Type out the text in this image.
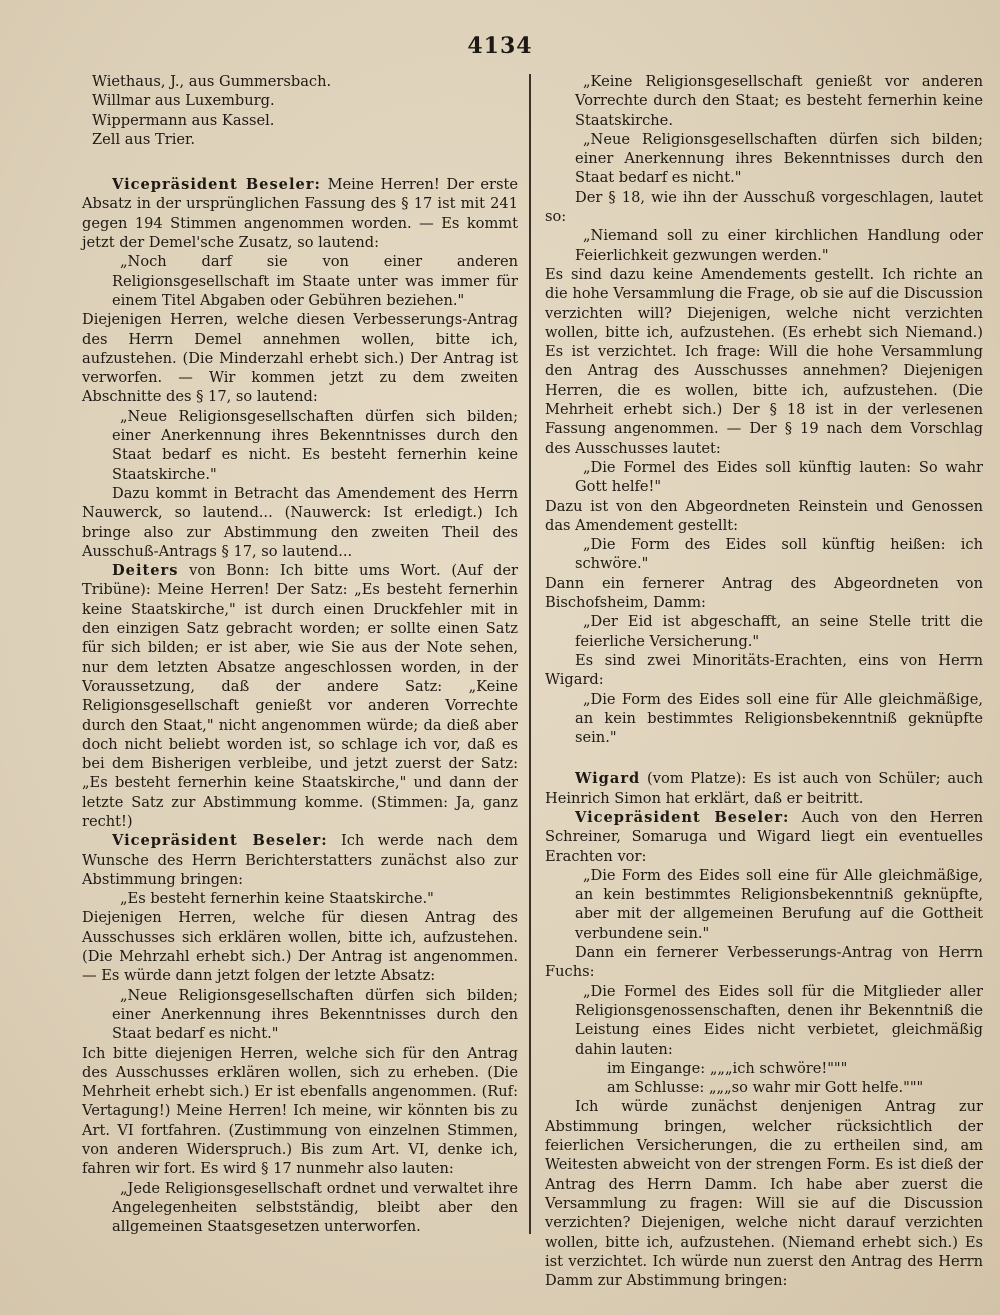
4134

Wiethaus, J., aus Gummersbach.

Willmar aus Luxemburg.

Wippermann aus Kassel.

Zell aus Trier.

Vicepräsident Beseler: Meine Herren! Der erste Absatz in der ursprünglichen Fassung des § 17 ist mit 241 gegen 194 Stimmen angenommen worden. — Es kommt jetzt der Demel'sche Zusatz, so lautend:

„Noch darf sie von einer anderen Religionsgesellschaft im Staate unter was immer für einem Titel Abgaben oder Gebühren beziehen."

Diejenigen Herren, welche diesen Verbesserungs-Antrag des Herrn Demel annehmen wollen, bitte ich, aufzustehen. (Die Minderzahl erhebt sich.) Der Antrag ist verworfen. — Wir kommen jetzt zu dem zweiten Abschnitte des § 17, so lautend:

„Neue Religionsgesellschaften dürfen sich bilden; einer Anerkennung ihres Bekenntnisses durch den Staat bedarf es nicht. Es besteht fernerhin keine Staatskirche."

Dazu kommt in Betracht das Amendement des Herrn Nauwerck, so lautend... (Nauwerck: Ist erledigt.) Ich bringe also zur Abstimmung den zweiten Theil des Ausschuß-Antrags § 17, so lautend...

Deiters von Bonn: Ich bitte ums Wort. (Auf der Tribüne): Meine Herren! Der Satz: „Es besteht fernerhin keine Staatskirche," ist durch einen Druckfehler mit in den einzigen Satz gebracht worden; er sollte einen Satz für sich bilden; er ist aber, wie Sie aus der Note sehen, nur dem letzten Absatze angeschlossen worden, in der Voraussetzung, daß der andere Satz: „Keine Religionsgesellschaft genießt vor anderen Vorrechte durch den Staat," nicht angenommen würde; da dieß aber doch nicht beliebt worden ist, so schlage ich vor, daß es bei dem Bisherigen verbleibe, und jetzt zuerst der Satz: „Es besteht fernerhin keine Staatskirche," und dann der letzte Satz zur Abstimmung komme. (Stimmen: Ja, ganz recht!)

Vicepräsident Beseler: Ich werde nach dem Wunsche des Herrn Berichterstatters zunächst also zur Abstimmung bringen:

„Es besteht fernerhin keine Staatskirche."

Diejenigen Herren, welche für diesen Antrag des Ausschusses sich erklären wollen, bitte ich, aufzustehen. (Die Mehrzahl erhebt sich.) Der Antrag ist angenommen. — Es würde dann jetzt folgen der letzte Absatz:

„Neue Religionsgesellschaften dürfen sich bilden; einer Anerkennung ihres Bekenntnisses durch den Staat bedarf es nicht."

Ich bitte diejenigen Herren, welche sich für den Antrag des Ausschusses erklären wollen, sich zu erheben. (Die Mehrheit erhebt sich.) Er ist ebenfalls angenommen. (Ruf: Vertagung!) Meine Herren! Ich meine, wir könnten bis zu Art. VI fortfahren. (Zustimmung von einzelnen Stimmen, von anderen Widerspruch.) Bis zum Art. VI, denke ich, fahren wir fort. Es wird § 17 nunmehr also lauten:

„Jede Religionsgesellschaft ordnet und verwaltet ihre Angelegenheiten selbstständig, bleibt aber den allgemeinen Staatsgesetzen unterworfen.

„Keine Religionsgesellschaft genießt vor anderen Vorrechte durch den Staat; es besteht fernerhin keine Staatskirche.

„Neue Religionsgesellschaften dürfen sich bilden; einer Anerkennung ihres Bekenntnisses durch den Staat bedarf es nicht."

Der § 18, wie ihn der Ausschuß vorgeschlagen, lautet so:

„Niemand soll zu einer kirchlichen Handlung oder Feierlichkeit gezwungen werden."

Es sind dazu keine Amendements gestellt. Ich richte an die hohe Versammlung die Frage, ob sie auf die Discussion verzichten will? Diejenigen, welche nicht verzichten wollen, bitte ich, aufzustehen. (Es erhebt sich Niemand.) Es ist verzichtet. Ich frage: Will die hohe Versammlung den Antrag des Ausschusses annehmen? Diejenigen Herren, die es wollen, bitte ich, aufzustehen. (Die Mehrheit erhebt sich.) Der § 18 ist in der verlesenen Fassung angenommen. — Der § 19 nach dem Vorschlag des Ausschusses lautet:

„Die Formel des Eides soll künftig lauten: So wahr Gott helfe!"

Dazu ist von den Abgeordneten Reinstein und Genossen das Amendement gestellt:

„Die Form des Eides soll künftig heißen: ich schwöre."

Dann ein fernerer Antrag des Abgeordneten von Bischofsheim, Damm:

„Der Eid ist abgeschafft, an seine Stelle tritt die feierliche Versicherung."

Es sind zwei Minoritäts-Erachten, eins von Herrn Wigard:

„Die Form des Eides soll eine für Alle gleichmäßige, an kein bestimmtes Religionsbekenntniß geknüpfte sein."

Wigard (vom Platze): Es ist auch von Schüler; auch Heinrich Simon hat erklärt, daß er beitritt.

Vicepräsident Beseler: Auch von den Herren Schreiner, Somaruga und Wigard liegt ein eventuelles Erachten vor:

„Die Form des Eides soll eine für Alle gleichmäßige, an kein bestimmtes Religionsbekenntniß geknüpfte, aber mit der allgemeinen Berufung auf die Gottheit verbundene sein."

Dann ein fernerer Verbesserungs-Antrag von Herrn Fuchs:

„Die Formel des Eides soll für die Mitglieder aller Religionsgenossenschaften, denen ihr Bekenntniß die Leistung eines Eides nicht verbietet, gleichmäßig dahin lauten:

im Eingange: „„„ich schwöre!"""

am Schlusse: „„„so wahr mir Gott helfe."""

Ich würde zunächst denjenigen Antrag zur Abstimmung bringen, welcher rücksichtlich der feierlichen Versicherungen, die zu ertheilen sind, am Weitesten abweicht von der strengen Form. Es ist dieß der Antrag des Herrn Damm. Ich habe aber zuerst die Versammlung zu fragen: Will sie auf die Discussion verzichten? Diejenigen, welche nicht darauf verzichten wollen, bitte ich, aufzustehen. (Niemand erhebt sich.) Es ist verzichtet. Ich würde nun zuerst den Antrag des Herrn Damm zur Abstimmung bringen:
